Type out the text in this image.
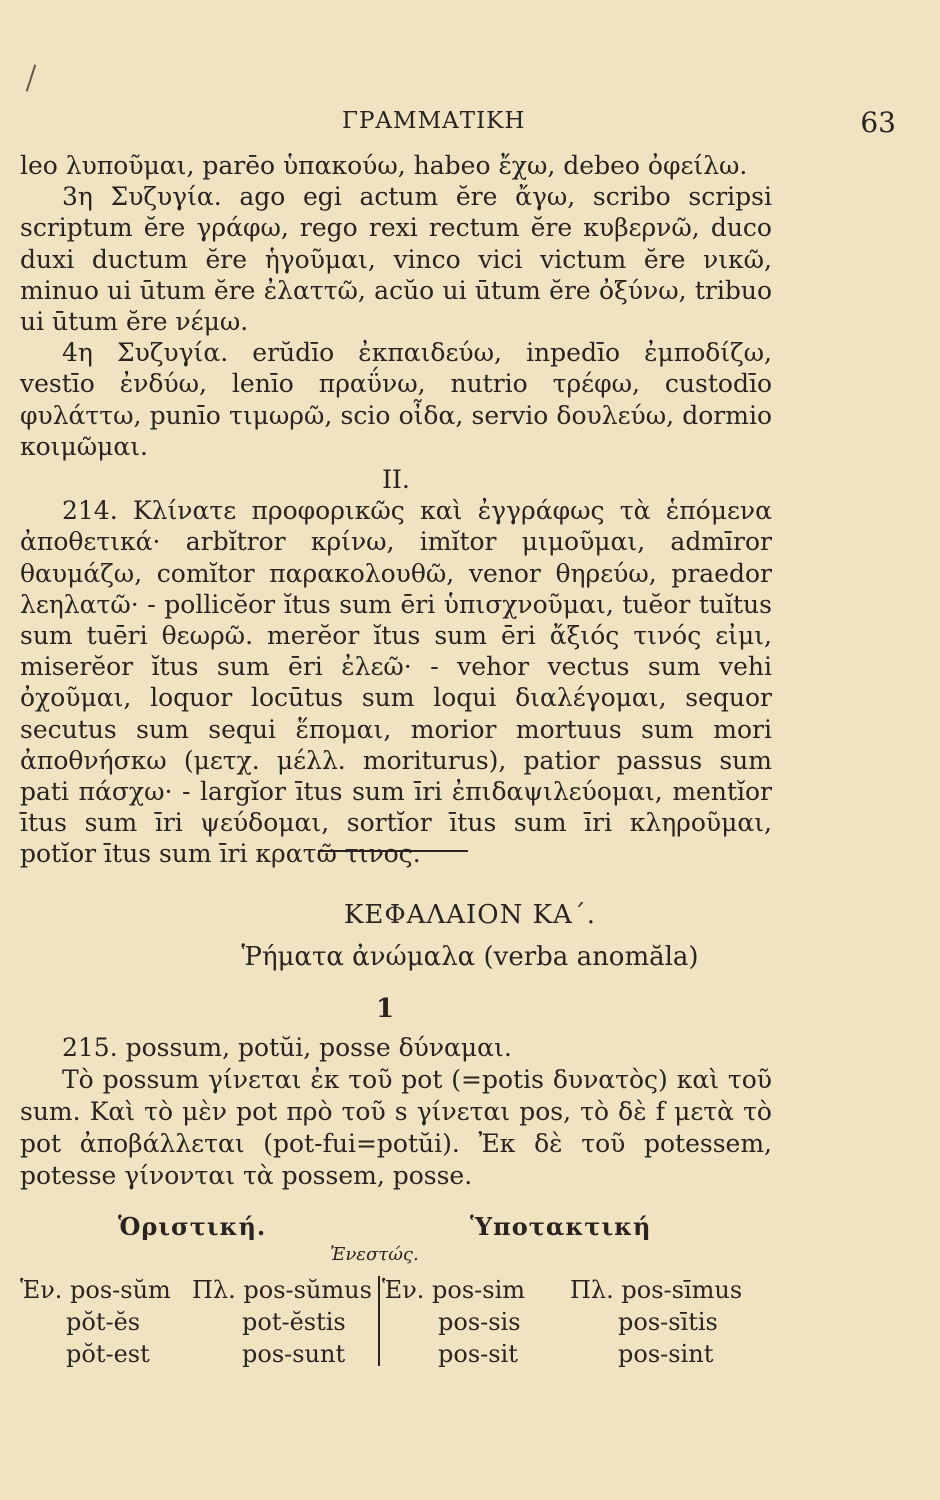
ΓΡΑΜΜΑΤΙΚΗ	63

leo λυποῦμαι, parēo ὑπακούω, habeo ἔχω, debeo ὀφείλω.

3η Συζυγία. ago egi actum ĕre ἄγω, scribo scripsi scriptum ĕre γράφω, rego rexi rectum ĕre κυβερνῶ, duco duxi ductum ĕre ἡγοῦμαι, vinco vici victum ĕre νικῶ, minuo ui ūtum ĕre ἐλαττῶ, acŭo ui ūtum ĕre ὀξύνω, tribuo ui ūtum ĕre νέμω.

4η Συζυγία. erŭdīo ἐκπαιδεύω, inpedīo ἐμποδίζω, vestīo ἐνδύω, lenīo πραΰνω, nutrio τρέφω, custodīo φυλάττω, punīo τιμωρῶ, scio οἶδα, servio δουλεύω, dormio κοιμῶμαι.

II.

214. Κλίνατε προφορικῶς καὶ ἐγγράφως τὰ ἑπόμενα ἀποθετικά· arbĭtror κρίνω, imĭtor μιμοῦμαι, admīror θαυμάζω, comĭtor παρακολουθῶ, venor θηρεύω, praedor λεηλατῶ· - pollicĕor ĭtus sum ēri ὑπισχνοῦμαι, tuĕor tuĭtus sum tuēri θεωρῶ. merĕor ĭtus sum ēri ἄξιός τινός εἰμι, miserĕor ĭtus sum ēri ἐλεῶ· - vehor vectus sum vehi ὀχοῦμαι, loquor locūtus sum loqui διαλέγομαι, sequor secutus sum sequi ἕπομαι, morior mortuus sum mori ἀποθνήσκω (μετχ. μέλλ. moriturus), patior passus sum pati πάσχω· - largĭor ītus sum īri ἐπιδαψιλεύομαι, mentĭor ītus sum īri ψεύδομαι, sortĭor ītus sum īri κληροῦμαι, potĭor ītus sum īri κρατῶ τινος.

ΚΕΦΑΛΑΙΟΝ ΚΑ΄.
Ῥήματα ἀνώμαλα (verba anomăla)
1

215. possum, potŭi, posse δύναμαι.

Τὸ possum γίνεται ἐκ τοῦ pot (=potis δυνατὸς) καὶ τοῦ sum. Καὶ τὸ μὲν pot πρὸ τοῦ s γίνεται pos, τὸ δὲ f μετὰ τὸ pot ἀποβάλλεται (pot-fui=potŭi). Ἐκ δὲ τοῦ potessem, potesse γίνονται τὰ possem, posse.

Ὁριστική.	Ὑποτακτική
Ἐνεστώς.
Ἑν. pos-sŭm
pŏt-ĕs
pŏt-est
Πλ. pos-sŭmus
pot-ĕstis
pos-sunt
Ἑν. pos-sim
pos-sis
pos-sit
Πλ. pos-sīmus
pos-sītis
pos-sint
